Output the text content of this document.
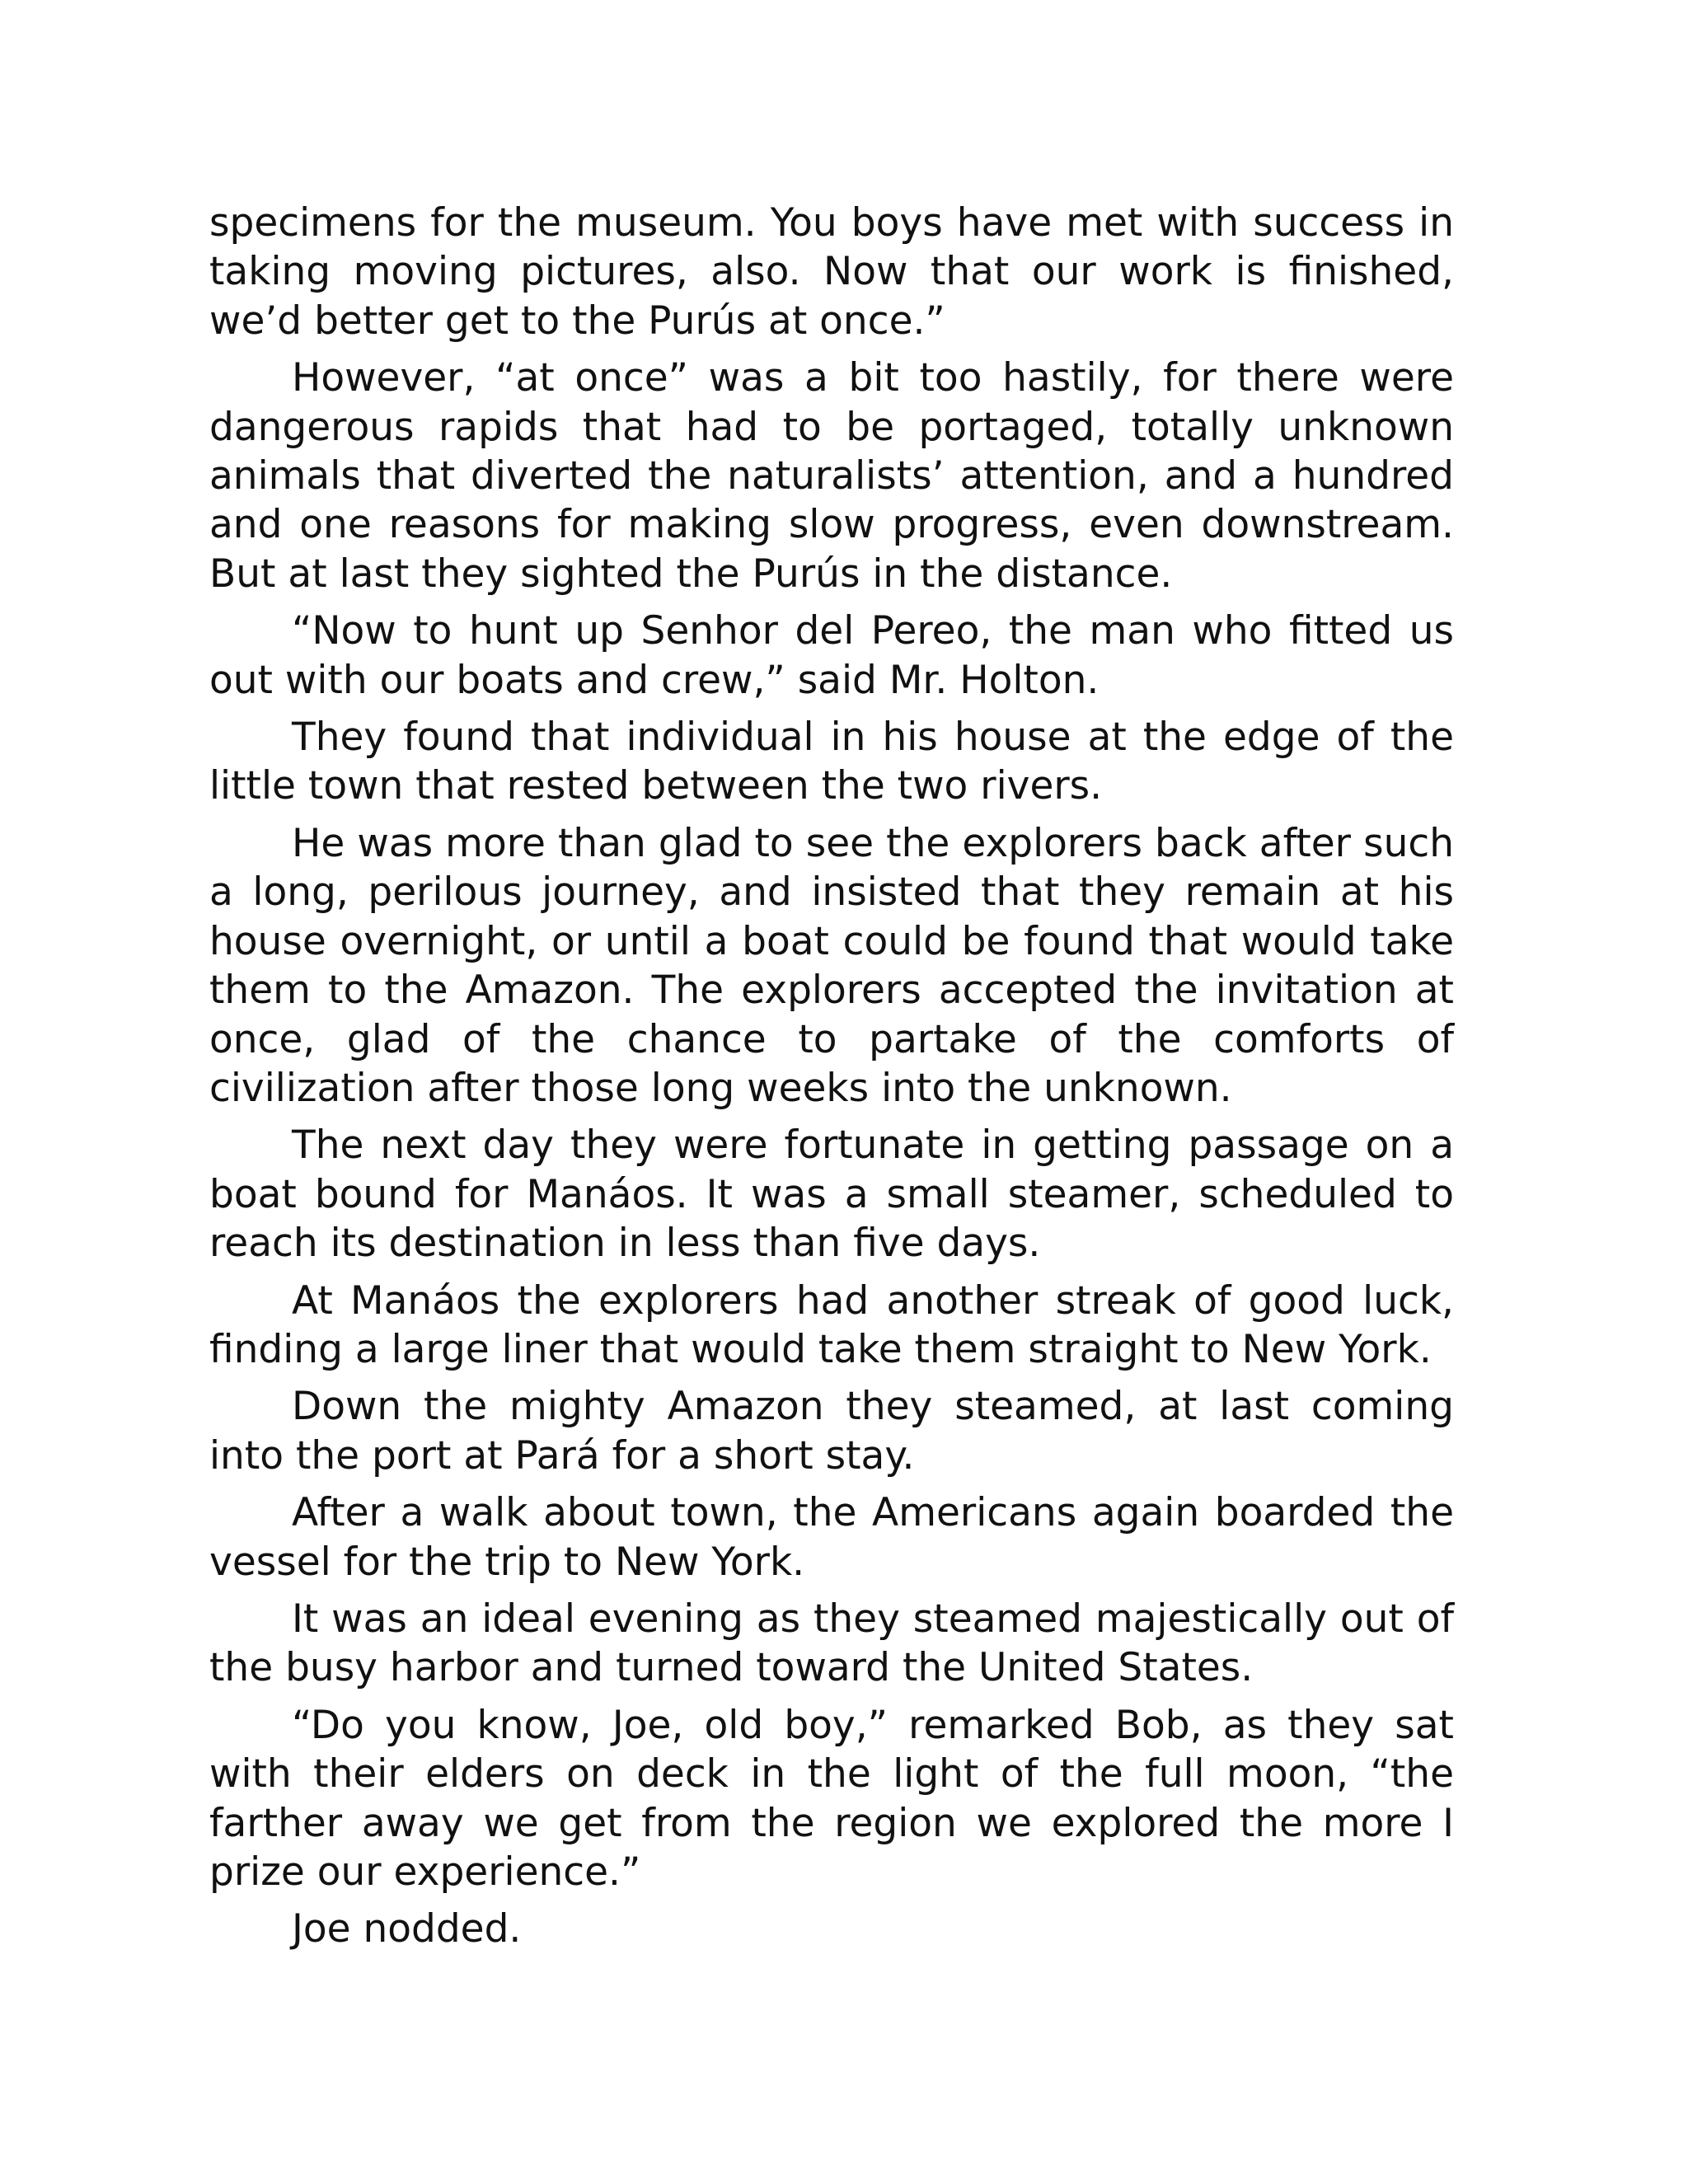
specimens for the museum. You boys have met with success in taking moving pictures, also. Now that our work is finished, we’d better get to the Purús at once.”

However, “at once” was a bit too hastily, for there were dangerous rapids that had to be portaged, totally unknown animals that diverted the naturalists’ attention, and a hundred and one reasons for making slow progress, even downstream. But at last they sighted the Purús in the distance.

“Now to hunt up Senhor del Pereo, the man who fitted us out with our boats and crew,” said Mr. Holton.

They found that individual in his house at the edge of the little town that rested between the two rivers.

He was more than glad to see the explorers back after such a long, perilous journey, and insisted that they remain at his house overnight, or until a boat could be found that would take them to the Amazon. The explorers accepted the invitation at once, glad of the chance to partake of the comforts of civilization after those long weeks into the unknown.

The next day they were fortunate in getting passage on a boat bound for Manáos. It was a small steamer, scheduled to reach its destination in less than five days.

At Manáos the explorers had another streak of good luck, finding a large liner that would take them straight to New York.

Down the mighty Amazon they steamed, at last coming into the port at Pará for a short stay.

After a walk about town, the Americans again boarded the vessel for the trip to New York.

It was an ideal evening as they steamed majestically out of the busy harbor and turned toward the United States.

“Do you know, Joe, old boy,” remarked Bob, as they sat with their elders on deck in the light of the full moon, “the farther away we get from the region we explored the more I prize our experience.”

Joe nodded.
